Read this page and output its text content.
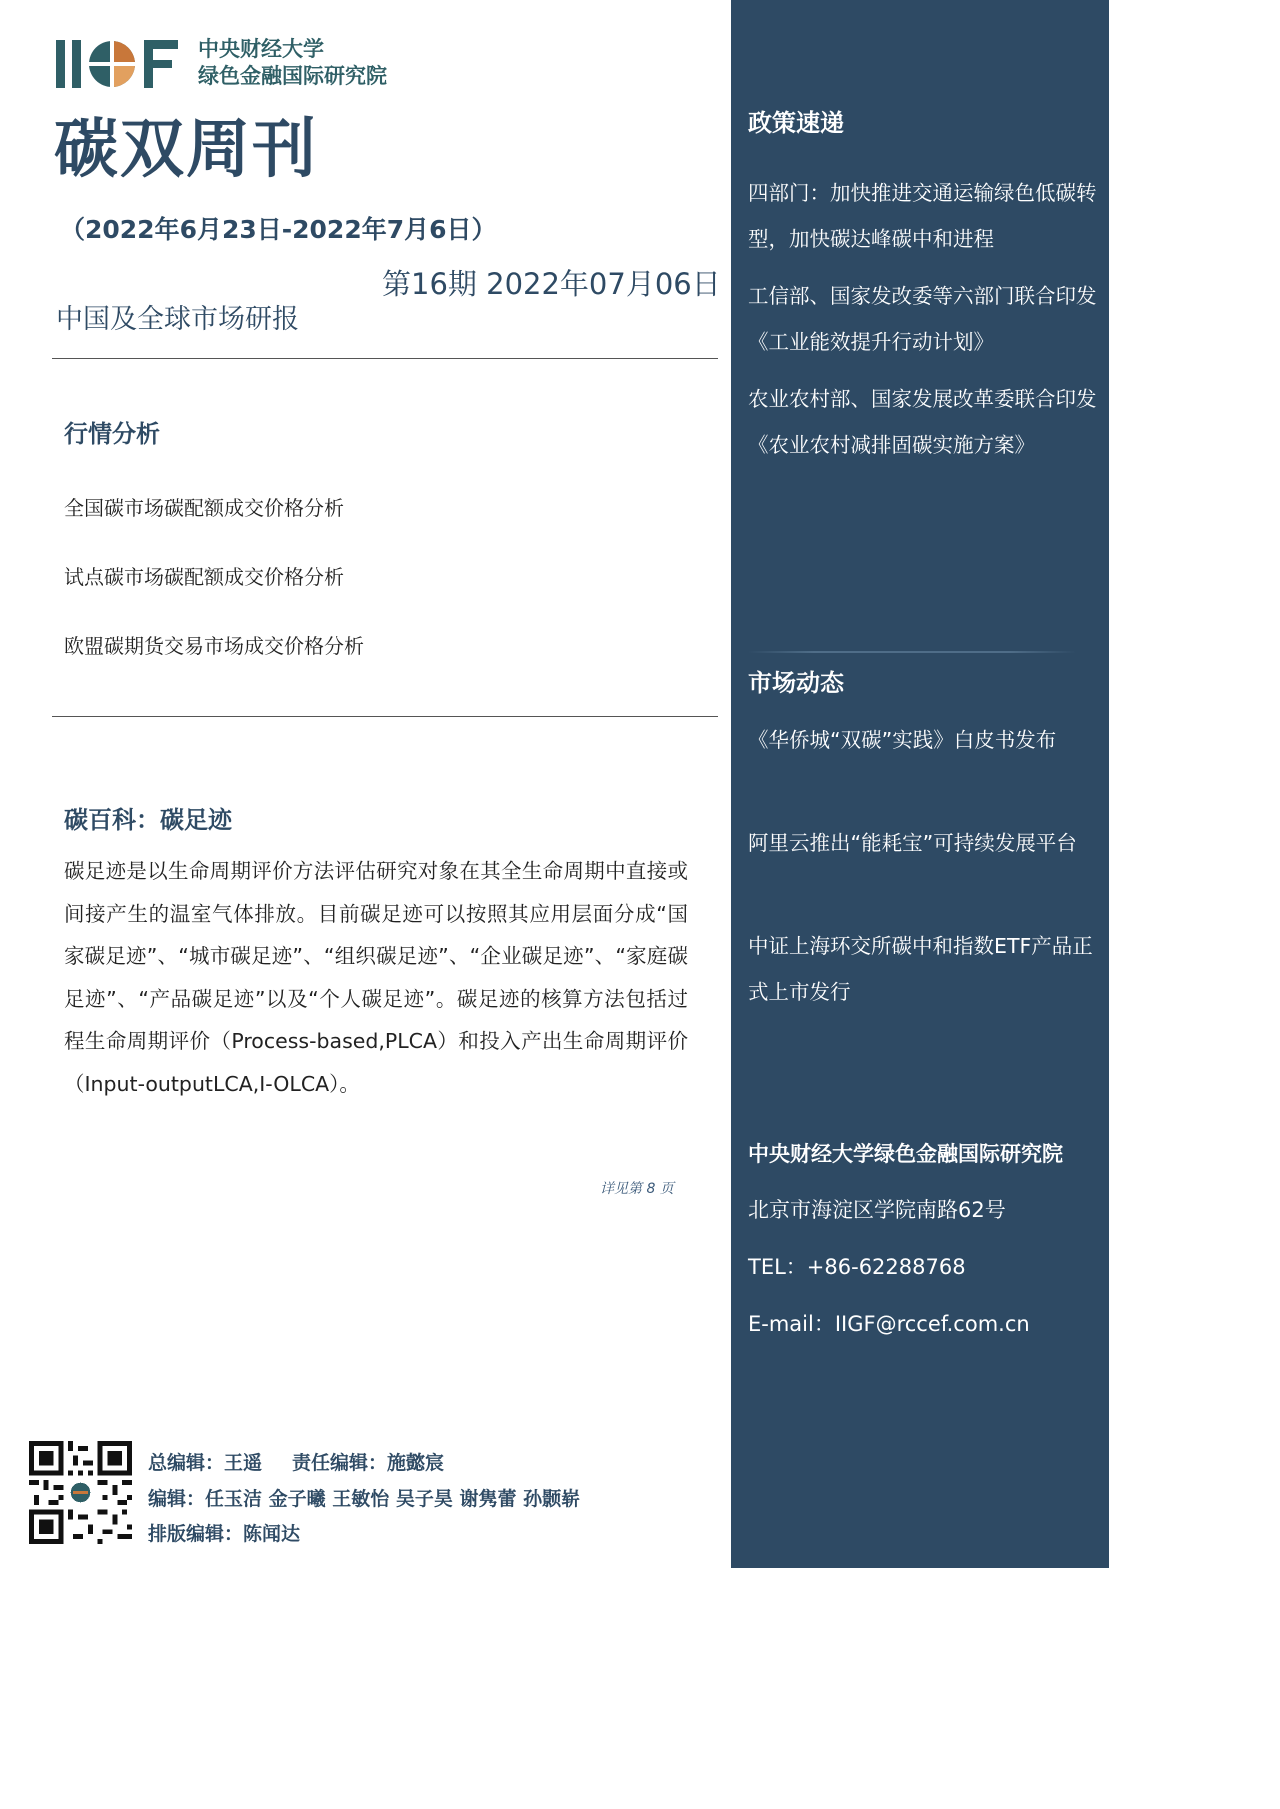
中央财经大学
绿色金融国际研究院
碳双周刊
（2022年6月23日-2022年7月6日）
第16期 2022年07月06日
中国及全球市场研报
行情分析
全国碳市场碳配额成交价格分析
试点碳市场碳配额成交价格分析
欧盟碳期货交易市场成交价格分析
碳百科：碳足迹
碳足迹是以生命周期评价方法评估研究对象在其全生命周期中直接或间接产生的温室气体排放。目前碳足迹可以按照其应用层面分成“国家碳足迹”、“城市碳足迹”、“组织碳足迹”、“企业碳足迹”、“家庭碳足迹”、“产品碳足迹”以及“个人碳足迹”。碳足迹的核算方法包括过程生命周期评价（Process-based,PLCA）和投入产出生命周期评价（Input-outputLCA,I-OLCA）。
详见第 8 页
总编辑：王遥 责任编辑：施懿宸
编辑：任玉洁 金子曦 王敏怡 吴子昊 谢隽蕾 孙颢崭
排版编辑：陈闻达
政策速递
四部门：加快推进交通运输绿色低碳转型，加快碳达峰碳中和进程
工信部、国家发改委等六部门联合印发《工业能效提升行动计划》
农业农村部、国家发展改革委联合印发《农业农村减排固碳实施方案》
市场动态
《华侨城“双碳”实践》白皮书发布
阿里云推出“能耗宝”可持续发展平台
中证上海环交所碳中和指数ETF产品正式上市发行
中央财经大学绿色金融国际研究院
北京市海淀区学院南路62号
TEL：+86-62288768
E-mail：IIGF@rccef.com.cn
